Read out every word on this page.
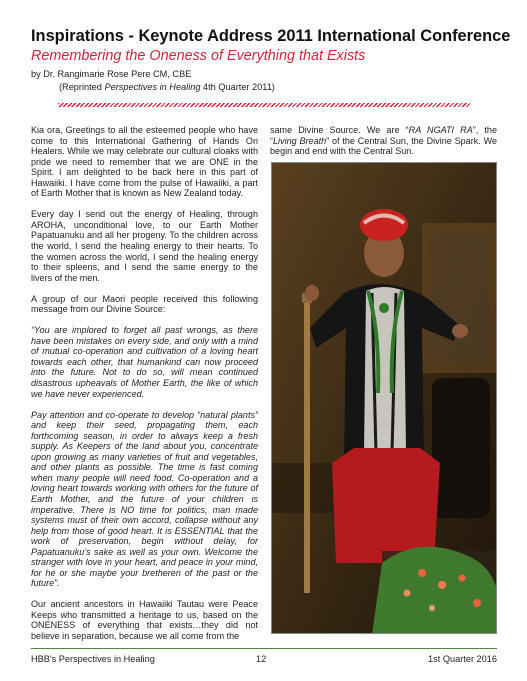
Inspirations - Keynote Address 2011 International Conference
Remembering the Oneness of Everything that Exists
by Dr. Rangimarie Rose Pere CM, CBE
(Reprinted Perspectives in Healing 4th Quarter 2011)

Kia ora, Greetings to all the esteemed people who have come to this International Gathering of Hands On Healers. While we may celebrate our cultural cloaks with pride we need to remember that we are ONE in the Spirit. I am delighted to be back here in this part of Hawaiiki. I have come from the pulse of Hawaiiki, a part of Earth Mother that is known as New Zealand today.

Every day I send out the energy of Healing, through AROHA, unconditional love, to our Earth Mother Papatuanuku and all her progeny. To the children across the world, I send the healing energy to their hearts. To the women across the world, I send the healing energy to their spleens, and I send the same energy to the livers of the men.

A group of our Maori people received this following message from our Divine Source:

“You are implored to forget all past wrongs, as there have been mistakes on every side, and only with a mind of mutual co-operation and cultivation of a loving heart towards each other, that humankind can now proceed into the future. Not to do so, will mean continued disastrous upheavals of Mother Earth, the like of which we have never experienced.

Pay attention and co-operate to develop “natural plants” and keep their seed, propagating them, each forthcoming season, in order to always keep a fresh supply. As Keepers of the land about you, concentrate upon growing as many varieties of fruit and vegetables, and other plants as possible. The time is fast coming when many people will need food. Co-operation and a loving heart towards working with others for the future of Earth Mother, and the future of your children is imperative. There is NO time for politics, man made systems must of their own accord, collapse without any help from those of good heart. It is ESSENTIAL that the work of preservation, begin without delay, for Papatuanuku’s sake as well as your own. Welcome the stranger with love in your heart, and peace in your mind, for he or she maybe your bretheren of the past or the future”.

Our ancient ancestors in Hawaiiki Tautau were Peace Keeps who transmitted a heritage to us, based on the ONENESS of everything that exists…they did not believe in separation, because we all come from the

same Divine Source. We are “RA NGATI RA”, the “Living Breath” of the Central Sun, the Divine Spark. We begin and end with the Central Sun.

HBB's Perspectives in Healing	12	1st Quarter 2016
